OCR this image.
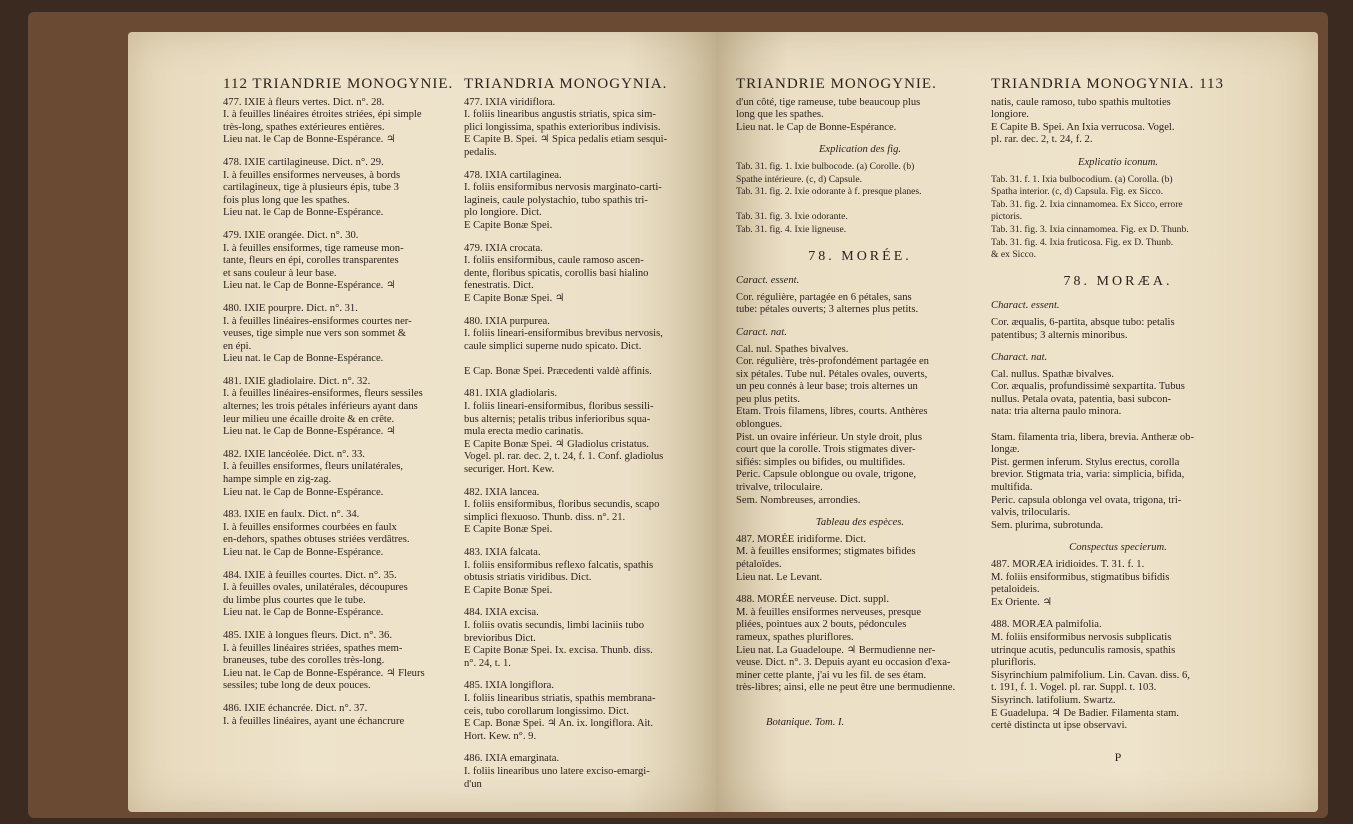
112 TRIANDRIE MONOGYNIE.

477. IXIE à fleurs vertes. Dict. n°. 28.

I. à feuilles linéaires étroites striées, épi simple

très-long, spathes extérieures entières.

Lieu nat. le Cap de Bonne-Espérance. ♃

478. IXIE cartilagineuse. Dict. n°. 29.

I. à feuilles ensiformes nerveuses, à bords

cartilagineux, tige à plusieurs épis, tube 3

fois plus long que les spathes.

Lieu nat. le Cap de Bonne-Espérance.

479. IXIE orangée. Dict. n°. 30.

I. à feuilles ensiformes, tige rameuse mon-

tante, fleurs en épi, corolles transparentes

et sans couleur à leur base.

Lieu nat. le Cap de Bonne-Espérance. ♃

480. IXIE pourpre. Dict. n°. 31.

I. à feuilles linéaires-ensiformes courtes ner-

veuses, tige simple nue vers son sommet &

en épi.

Lieu nat. le Cap de Bonne-Espérance.

481. IXIE gladiolaire. Dict. n°. 32.

I. à feuilles linéaires-ensiformes, fleurs sessiles

alternes; les trois pétales inférieurs ayant dans

leur milieu une écaille droite & en crête.

Lieu nat. le Cap de Bonne-Espérance. ♃

482. IXIE lancéolée. Dict. n°. 33.

I. à feuilles ensiformes, fleurs unilatérales,

hampe simple en zig-zag.

Lieu nat. le Cap de Bonne-Espérance.

483. IXIE en faulx. Dict. n°. 34.

I. à feuilles ensiformes courbées en faulx

en-dehors, spathes obtuses striées verdâtres.

Lieu nat. le Cap de Bonne-Espérance.

484. IXIE à feuilles courtes. Dict. n°. 35.

I. à feuilles ovales, unilatérales, découpures

du limbe plus courtes que le tube.

Lieu nat. le Cap de Bonne-Espérance.

485. IXIE à longues fleurs. Dict. n°. 36.

I. à feuilles linéaires striées, spathes mem-

braneuses, tube des corolles très-long.

Lieu nat. le Cap de Bonne-Espérance. ♃ Fleurs

sessiles; tube long de deux pouces.

486. IXIE échancrée. Dict. n°. 37.

I. à feuilles linéaires, ayant une échancrure

TRIANDRIA MONOGYNIA.

477. IXIA viridiflora.

I. foliis linearibus angustis striatis, spica sim-

plici longissima, spathis exterioribus indivisis.

E Capite B. Spei. ♃ Spica pedalis etiam sesqui-

pedalis.

478. IXIA cartilaginea.

I. foliis ensiformibus nervosis marginato-carti-

lagineis, caule polystachio, tubo spathis tri-

plo longiore. Dict.

E Capite Bonæ Spei.

479. IXIA crocata.

I. foliis ensiformibus, caule ramoso ascen-

dente, floribus spicatis, corollis basi hialino

fenestratis. Dict.

E Capite Bonæ Spei. ♃

480. IXIA purpurea.

I. foliis lineari-ensiformibus brevibus nervosis,

caule simplici superne nudo spicato. Dict.

E Cap. Bonæ Spei. Præcedenti valdè affinis.

481. IXIA gladiolaris.

I. foliis lineari-ensiformibus, floribus sessili-

bus alternis; petalis tribus inferioribus squa-

mula erecta medio carinatis.

E Capite Bonæ Spei. ♃ Gladiolus cristatus.

Vogel. pl. rar. dec. 2, t. 24, f. 1. Conf. gladiolus

securiger. Hort. Kew.

482. IXIA lancea.

I. foliis ensiformibus, floribus secundis, scapo

simplici flexuoso. Thunb. diss. n°. 21.

E Capite Bonæ Spei.

483. IXIA falcata.

I. foliis ensiformibus reflexo falcatis, spathis

obtusis striatis viridibus. Dict.

E Capite Bonæ Spei.

484. IXIA excisa.

I. foliis ovatis secundis, limbi laciniis tubo

brevioribus Dict.

E Capite Bonæ Spei. Ix. excisa. Thunb. diss.

n°. 24, t. 1.

485. IXIA longiflora.

I. foliis linearibus striatis, spathis membrana-

ceis, tubo corollarum longissimo. Dict.

E Cap. Bonæ Spei. ♃ An. ix. longiflora. Ait.

Hort. Kew. n°. 9.

486. IXIA emarginata.

I. foliis linearibus uno latere exciso-emargi-

d'un

TRIANDRIE MONOGYNIE.

d'un côté, tige rameuse, tube beaucoup plus

long que les spathes.

Lieu nat. le Cap de Bonne-Espérance.

Explication des fig.

Tab. 31. fig. 1. Ixie bulbocode. (a) Corolle. (b)

Spathe intérieure. (c, d) Capsule.

Tab. 31. fig. 2. Ixie odorante à f. presque planes.

Tab. 31. fig. 3. Ixie odorante.

Tab. 31. fig. 4. Ixie ligneuse.

78. MORÉE.
Caract. essent.

Cor. régulière, partagée en 6 pétales, sans

tube: pétales ouverts; 3 alternes plus petits.

Caract. nat.

Cal. nul. Spathes bivalves.

Cor. régulière, très-profondément partagée en

six pétales. Tube nul. Pétales ovales, ouverts,

un peu connés à leur base; trois alternes un

peu plus petits.

Etam. Trois filamens, libres, courts. Anthères

oblongues.

Pist. un ovaire inférieur. Un style droit, plus

court que la corolle. Trois stigmates diver-

sifiés: simples ou bifides, ou multifides.

Peric. Capsule oblongue ou ovale, trigone,

trivalve, triloculaire.

Sem. Nombreuses, arrondies.

Tableau des espèces.

487. MORÉE iridiforme. Dict.

M. à feuilles ensiformes; stigmates bifides

pétaloïdes.

Lieu nat. Le Levant.

488. MORÉE nerveuse. Dict. suppl.

M. à feuilles ensiformes nerveuses, presque

pliées, pointues aux 2 bouts, pédoncules

rameux, spathes pluriflores.

Lieu nat. La Guadeloupe. ♃ Bermudienne ner-

veuse. Dict. n°. 3. Depuis ayant eu occasion d'exa-

miner cette plante, j'ai vu les fil. de ses étam.

très-libres; ainsi, elle ne peut être une bermudienne.

Botanique. Tom. I.
TRIANDRIA MONOGYNIA. 113

natis, caule ramoso, tubo spathis multoties

longiore.

E Capite B. Spei. An Ixia verrucosa. Vogel.

pl. rar. dec. 2, t. 24, f. 2.

Explicatio iconum.

Tab. 31. f. 1. Ixia bulbocodium. (a) Corolla. (b)

Spatha interior. (c, d) Capsula. Fig. ex Sicco.

Tab. 31. fig. 2. Ixia cinnamomea. Ex Sicco, errore

pictoris.

Tab. 31. fig. 3. Ixia cinnamomea. Fig. ex D. Thunb.

Tab. 31. fig. 4. Ixia fruticosa. Fig. ex D. Thunb.

& ex Sicco.

78. MORÆA.
Charact. essent.

Cor. æqualis, 6-partita, absque tubo: petalis

patentibus; 3 alternis minoribus.

Charact. nat.

Cal. nullus. Spathæ bivalves.

Cor. æqualis, profundissimè sexpartita. Tubus

nullus. Petala ovata, patentia, basi subcon-

nata: tria alterna paulo minora.

Stam. filamenta tria, libera, brevia. Antheræ ob-

longæ.

Pist. germen inferum. Stylus erectus, corolla

brevior. Stigmata tria, varia: simplicia, bifida,

multifida.

Peric. capsula oblonga vel ovata, trigona, tri-

valvis, trilocularis.

Sem. plurima, subrotunda.

Conspectus specierum.

487. MORÆA iridioides. T. 31. f. 1.

M. foliis ensiformibus, stigmatibus bifidis

petaloideis.

Ex Oriente. ♃

488. MORÆA palmifolia.

M. foliis ensiformibus nervosis subplicatis

utrinque acutis, pedunculis ramosis, spathis

plurifloris.

Sisyrinchium palmifolium. Lin. Cavan. diss. 6,

t. 191, f. 1. Vogel. pl. rar. Suppl. t. 103.

Sisyrinch. latifolium. Swartz.

E Guadelupa. ♃ De Badier. Filamenta stam.

certè distincta ut ipse observavi.

P
